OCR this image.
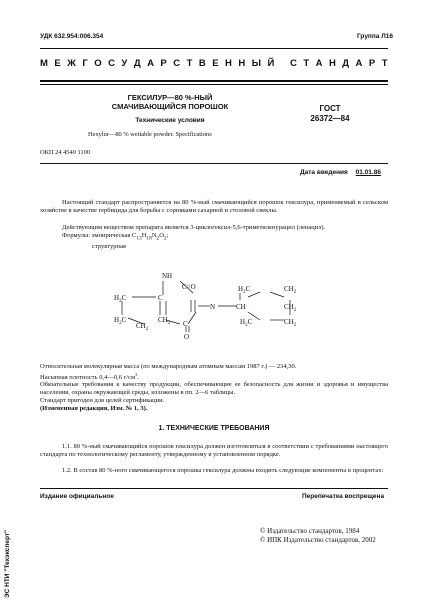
УДК 632.954:006.354	Группа Л16
М Е Ж Г О С У Д А Р С Т В Е Н Н Ы Й
С Т А Н Д А Р Т
ГЕКСИЛУР—80 %-НЫЙ
СМАЧИВАЮЩИЙСЯ ПОРОШОК
Технические условия
Hexylur—80 % wettable powder. Specifications
ГОСТ
26372—84
ОКП 24 4540 1100
Дата введения 01.01.86
Настоящий стандарт распространяется на 80 %-ный смачивающийся порошок гексилура, применяемый в сельском хозяйстве в качестве гербицида для борьбы с сорняками сахарной и столовой свеклы.
Действующим веществом препарата является 3-циклогексил-5,6-триметиленурацил (ленацил).
Формулы: эмпирическая $C_{13}H_{18}N_2O_2$;
структурная
NH
C=O
$H_2C$	C
N	CH
$H_2C$	$CH_2$
$CH_2$
C
O
$H_2C$	$CH_2$
$CH_2$
$H_2C$	$CH_2$
Относительная молекулярная масса (по международным атомным массам 1987 г.) — 234,30.
Насыпная плотность 0,4—0,6 $г/см^3$.
Обязательные требования к качеству продукции, обеспечивающие ее безопасность для жизни и здоровья и имущества населения, охраны окружающей среды, изложены в пп. 2—6 таблицы.
Стандарт пригоден для целей сертификации.
(Измененная редакция, Изм. № 1, 3).
1. ТЕХНИЧЕСКИЕ ТРЕБОВАНИЯ
1.1. 80 %-ный смачивающийся порошок гексилура должен изготовляться в соответствии с требованиями настоящего стандарта по технологическому регламенту, утвержденному в установленном порядке.
1.2. В состав 80 %-ного смачивающегося порошка гексилура должны входить следующие компоненты в процентах:
Издание официальное	Перепечатка воспрещена
© Издательство стандартов, 1984
© ИПК Издательство стандартов, 2002
ЭС НТИ "Техэксперт"
